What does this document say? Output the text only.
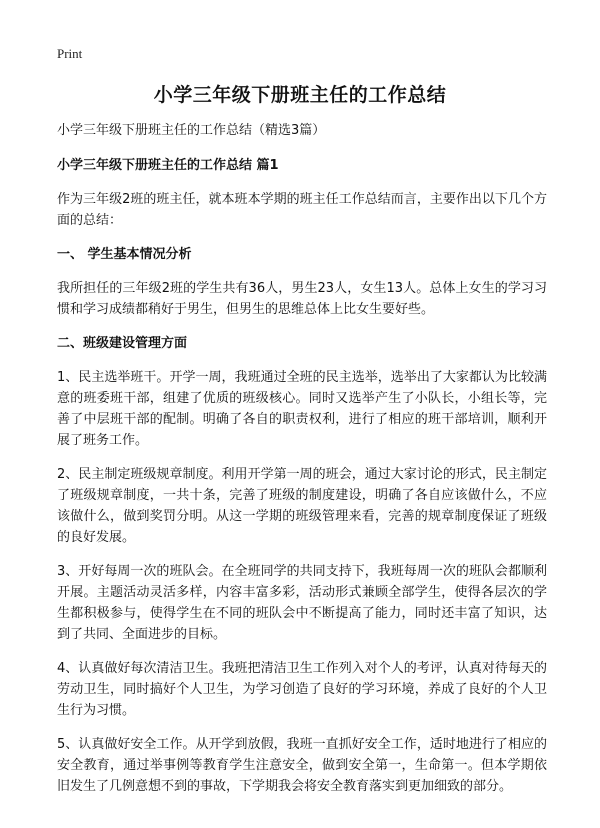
Print
小学三年级下册班主任的工作总结

小学三年级下册班主任的工作总结（精选3篇）

小学三年级下册班主任的工作总结 篇1

作为三年级2班的班主任，就本班本学期的班主任工作总结而言，主要作出以下几个方面的总结：

一、 学生基本情况分析

我所担任的三年级2班的学生共有36人，男生23人，女生13人。总体上女生的学习习惯和学习成绩都稍好于男生，但男生的思维总体上比女生要好些。

二、班级建设管理方面

1、民主选举班干。开学一周，我班通过全班的民主选举，选举出了大家都认为比较满意的班委班干部，组建了优质的班级核心。同时又选举产生了小队长，小组长等，完善了中层班干部的配制。明确了各自的职责权利，进行了相应的班干部培训，顺利开展了班务工作。

2、民主制定班级规章制度。利用开学第一周的班会，通过大家讨论的形式，民主制定了班级规章制度，一共十条，完善了班级的制度建设，明确了各自应该做什么，不应该做什么，做到奖罚分明。从这一学期的班级管理来看，完善的规章制度保证了班级的良好发展。

3、开好每周一次的班队会。在全班同学的共同支持下，我班每周一次的班队会都顺利开展。主题活动灵活多样，内容丰富多彩，活动形式兼顾全部学生，使得各层次的学生都积极参与，使得学生在不同的班队会中不断提高了能力，同时还丰富了知识，达到了共同、全面进步的目标。

4、认真做好每次清洁卫生。我班把清洁卫生工作列入对个人的考评，认真对待每天的劳动卫生，同时搞好个人卫生，为学习创造了良好的学习环境，养成了良好的个人卫生行为习惯。

5、认真做好安全工作。从开学到放假，我班一直抓好安全工作，适时地进行了相应的安全教育，通过举事例等教育学生注意安全，做到安全第一，生命第一。但本学期依旧发生了几例意想不到的事故，下学期我会将安全教育落实到更加细致的部分。
